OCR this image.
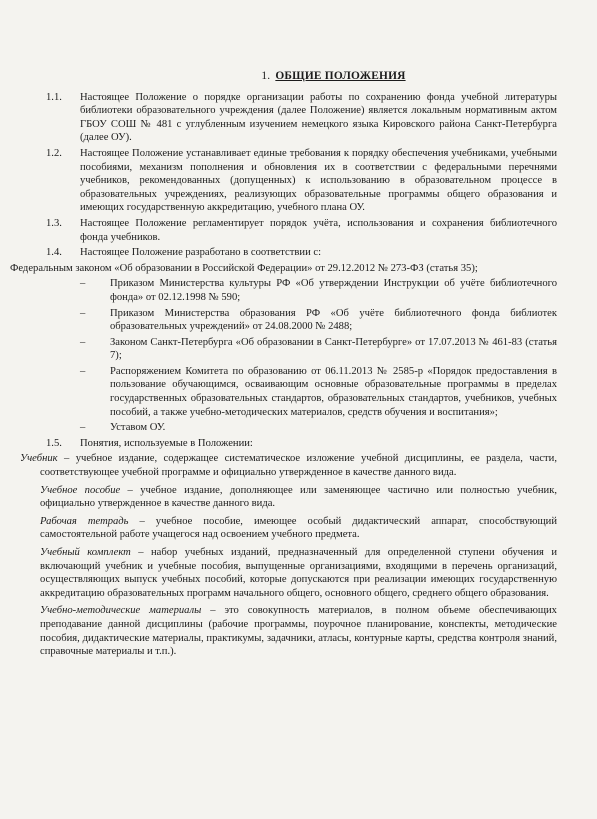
1. ОБЩИЕ ПОЛОЖЕНИЯ
1.1. Настоящее Положение о порядке организации работы по сохранению фонда учебной литературы библиотеки образовательного учреждения (далее Положение) является локальным нормативным актом ГБОУ СОШ № 481 с углубленным изучением немецкого языка Кировского района Санкт-Петербурга (далее ОУ).
1.2. Настоящее Положение устанавливает единые требования к порядку обеспечения учебниками, учебными пособиями, механизм пополнения и обновления их в соответствии с федеральными перечнями учебников, рекомендованных (допущенных) к использованию в образовательном процессе в образовательных учреждениях, реализующих образовательные программы общего образования и имеющих государственную аккредитацию, учебного плана ОУ.
1.3. Настоящее Положение регламентирует порядок учёта, использования и сохранения библиотечного фонда учебников.
1.4. Настоящее Положение разработано в соответствии с:
Федеральным законом «Об образовании в Российской Федерации» от 29.12.2012 № 273-ФЗ (статья 35);
– Приказом Министерства культуры РФ «Об утверждении Инструкции об учёте библиотечного фонда» от 02.12.1998 № 590;
– Приказом Министерства образования РФ «Об учёте библиотечного фонда библиотек образовательных учреждений» от 24.08.2000 № 2488;
– Законом Санкт-Петербурга «Об образовании в Санкт-Петербурге» от 17.07.2013 № 461-83 (статья 7);
– Распоряжением Комитета по образованию от 06.11.2013 № 2585-р «Порядок предоставления в пользование обучающимся, осваивающим основные образовательные программы в пределах государственных образовательных стандартов, образовательных стандартов, учебников, учебных пособий, а также учебно-методических материалов, средств обучения и воспитания»;
– Уставом ОУ.
1.5. Понятия, используемые в Положении:
Учебник – учебное издание, содержащее систематическое изложение учебной дисциплины, ее раздела, части, соответствующее учебной программе и официально утвержденное в качестве данного вида.
Учебное пособие – учебное издание, дополняющее или заменяющее частично или полностью учебник, официально утвержденное в качестве данного вида.
Рабочая тетрадь – учебное пособие, имеющее особый дидактический аппарат, способствующий самостоятельной работе учащегося над освоением учебного предмета.
Учебный комплект – набор учебных изданий, предназначенный для определенной ступени обучения и включающий учебник и учебные пособия, выпущенные организациями, входящими в перечень организаций, осуществляющих выпуск учебных пособий, которые допускаются при реализации имеющих государственную аккредитацию образовательных программ начального общего, основного общего, среднего общего образования.
Учебно-методические материалы – это совокупность материалов, в полном объеме обеспечивающих преподавание данной дисциплины (рабочие программы, поурочное планирование, конспекты, методические пособия, дидактические материалы, практикумы, задачники, атласы, контурные карты, средства контроля знаний, справочные материалы и т.п.).
